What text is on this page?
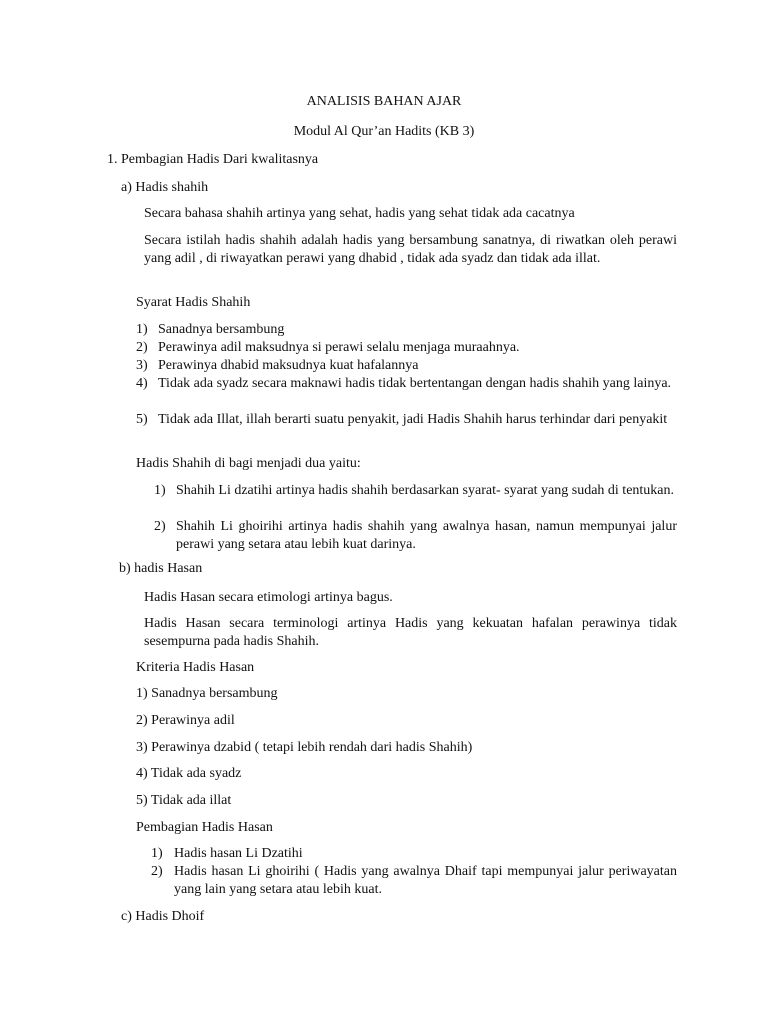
ANALISIS BAHAN AJAR
Modul Al Qur’an Hadits (KB 3)
1. Pembagian Hadis Dari kwalitasnya
a) Hadis shahih
Secara bahasa shahih artinya yang sehat, hadis yang sehat tidak ada cacatnya
Secara istilah hadis shahih adalah hadis yang bersambung sanatnya, di riwatkan oleh perawi yang adil , di riwayatkan perawi yang dhabid , tidak ada syadz dan tidak ada illat.
Syarat Hadis Shahih
1) Sanadnya bersambung
2) Perawinya adil maksudnya si perawi selalu menjaga muraahnya.
3) Perawinya dhabid maksudnya kuat hafalannya
4) Tidak ada syadz secara maknawi hadis tidak bertentangan dengan hadis shahih yang lainya.
5) Tidak ada Illat, illah berarti suatu penyakit, jadi Hadis Shahih harus terhindar dari penyakit
Hadis Shahih di bagi menjadi dua yaitu:
1) Shahih Li dzatihi artinya hadis shahih berdasarkan syarat- syarat yang sudah di tentukan.
2) Shahih Li ghoirihi artinya hadis shahih yang awalnya hasan, namun mempunyai jalur perawi yang setara atau lebih kuat darinya.
b) hadis Hasan
Hadis Hasan secara etimologi artinya bagus.
Hadis Hasan secara terminologi artinya Hadis yang kekuatan hafalan perawinya tidak sesempurna pada hadis Shahih.
Kriteria Hadis Hasan
1) Sanadnya bersambung
2) Perawinya adil
3) Perawinya dzabid ( tetapi lebih rendah dari hadis Shahih)
4) Tidak ada syadz
5) Tidak ada illat
Pembagian Hadis Hasan
1) Hadis hasan Li Dzatihi
2) Hadis hasan Li ghoirihi ( Hadis yang awalnya Dhaif tapi mempunyai jalur periwayatan yang lain yang setara atau lebih kuat.
c) Hadis Dhoif
